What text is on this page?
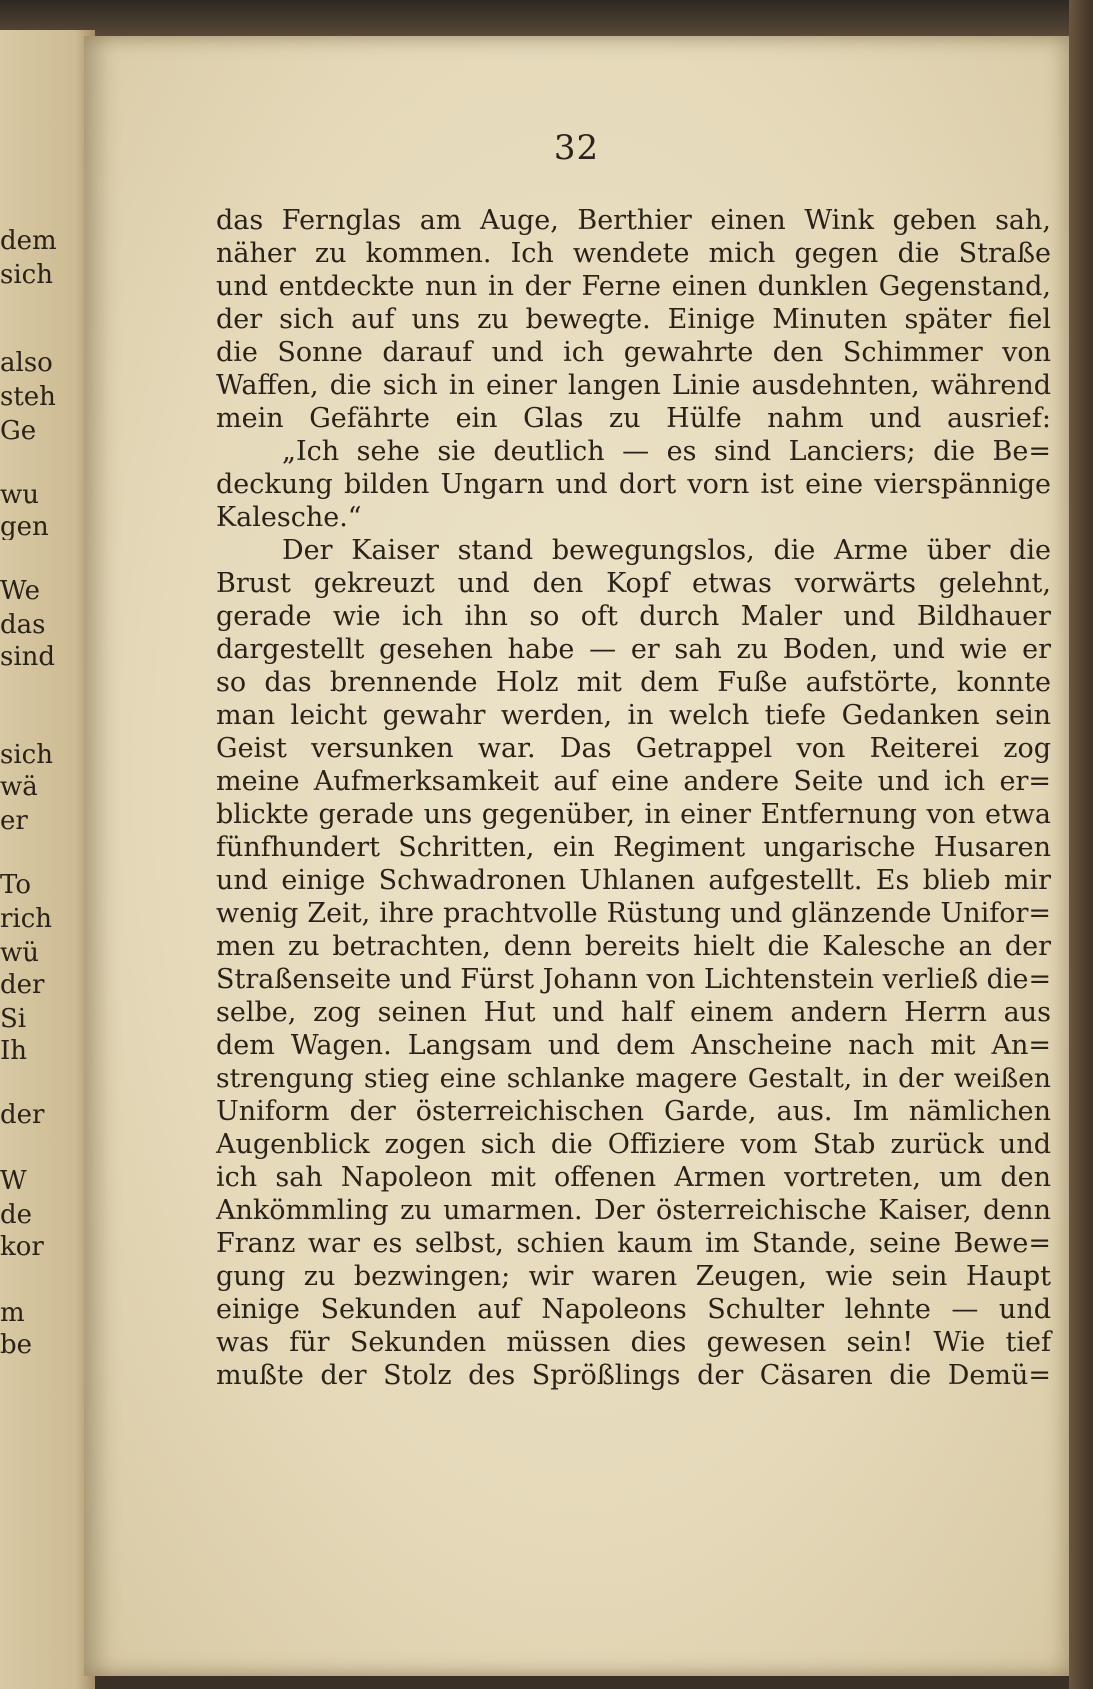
dem
sich
also
steh
Ge
wu
gen
We
das
sind
sich
wä
er
To
rich
wü
der
Si
Ih
der
W
de
kor
m
be
32
das Fernglas am Auge, Berthier einen Wink geben sah,
näher zu kommen. Ich wendete mich gegen die Straße
und entdeckte nun in der Ferne einen dunklen Gegenstand,
der sich auf uns zu bewegte. Einige Minuten später fiel
die Sonne darauf und ich gewahrte den Schimmer von
Waffen, die sich in einer langen Linie ausdehnten, während
mein Gefährte ein Glas zu Hülfe nahm und ausrief:
„Ich sehe sie deutlich — es sind Lanciers; die Be=
deckung bilden Ungarn und dort vorn ist eine vierspännige
Kalesche.“
Der Kaiser stand bewegungslos, die Arme über die
Brust gekreuzt und den Kopf etwas vorwärts gelehnt,
gerade wie ich ihn so oft durch Maler und Bildhauer
dargestellt gesehen habe — er sah zu Boden, und wie er
so das brennende Holz mit dem Fuße aufstörte, konnte
man leicht gewahr werden, in welch tiefe Gedanken sein
Geist versunken war. Das Getrappel von Reiterei zog
meine Aufmerksamkeit auf eine andere Seite und ich er=
blickte gerade uns gegenüber, in einer Entfernung von etwa
fünfhundert Schritten, ein Regiment ungarische Husaren
und einige Schwadronen Uhlanen aufgestellt. Es blieb mir
wenig Zeit, ihre prachtvolle Rüstung und glänzende Unifor=
men zu betrachten, denn bereits hielt die Kalesche an der
Straßenseite und Fürst Johann von Lichtenstein verließ die=
selbe, zog seinen Hut und half einem andern Herrn aus
dem Wagen. Langsam und dem Anscheine nach mit An=
strengung stieg eine schlanke magere Gestalt, in der weißen
Uniform der österreichischen Garde, aus. Im nämlichen
Augenblick zogen sich die Offiziere vom Stab zurück und
ich sah Napoleon mit offenen Armen vortreten, um den
Ankömmling zu umarmen. Der österreichische Kaiser, denn
Franz war es selbst, schien kaum im Stande, seine Bewe=
gung zu bezwingen; wir waren Zeugen, wie sein Haupt
einige Sekunden auf Napoleons Schulter lehnte — und
was für Sekunden müssen dies gewesen sein! Wie tief
mußte der Stolz des Sprößlings der Cäsaren die Demü=
